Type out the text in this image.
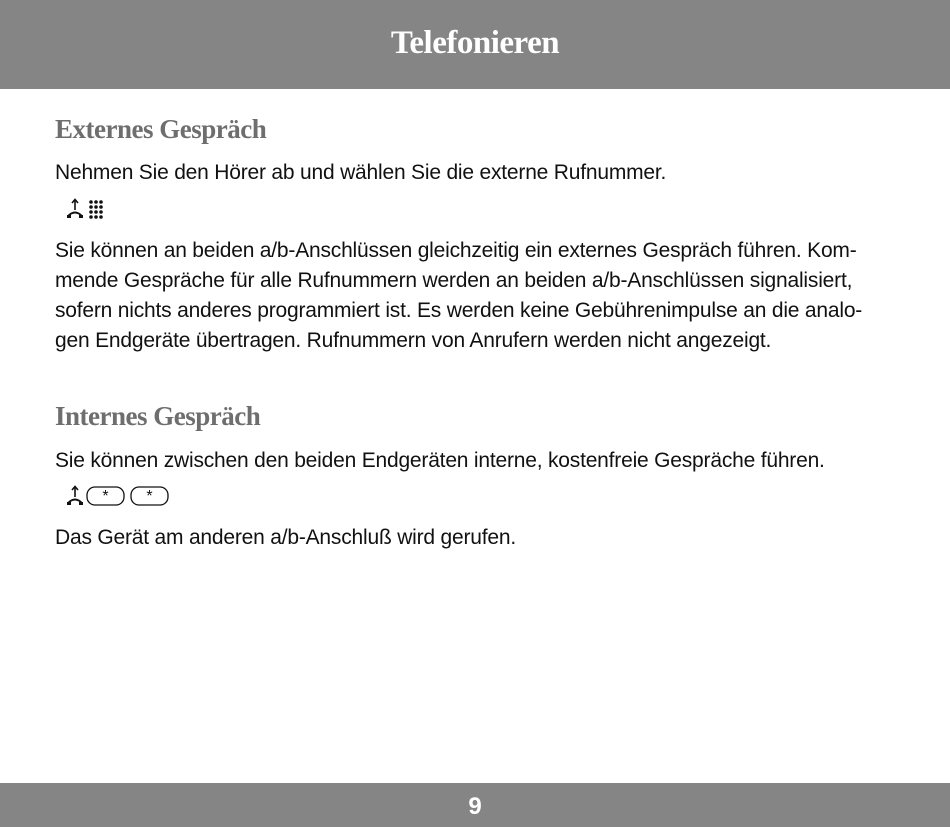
Telefonieren
Externes Gespräch
Nehmen Sie den Hörer ab und wählen Sie die externe Rufnummer.
Sie können an beiden a/b-Anschlüssen gleichzeitig ein externes Gespräch führen. Kom-
mende Gespräche für alle Rufnummern werden an beiden a/b-Anschlüssen signalisiert,
sofern nichts anderes programmiert ist. Es werden keine Gebührenimpulse an die analo-
gen Endgeräte übertragen. Rufnummern von Anrufern werden nicht angezeigt.
Internes Gespräch
Sie können zwischen den beiden Endgeräten interne, kostenfreie Gespräche führen.
* *
Das Gerät am anderen a/b-Anschluß wird gerufen.
9
